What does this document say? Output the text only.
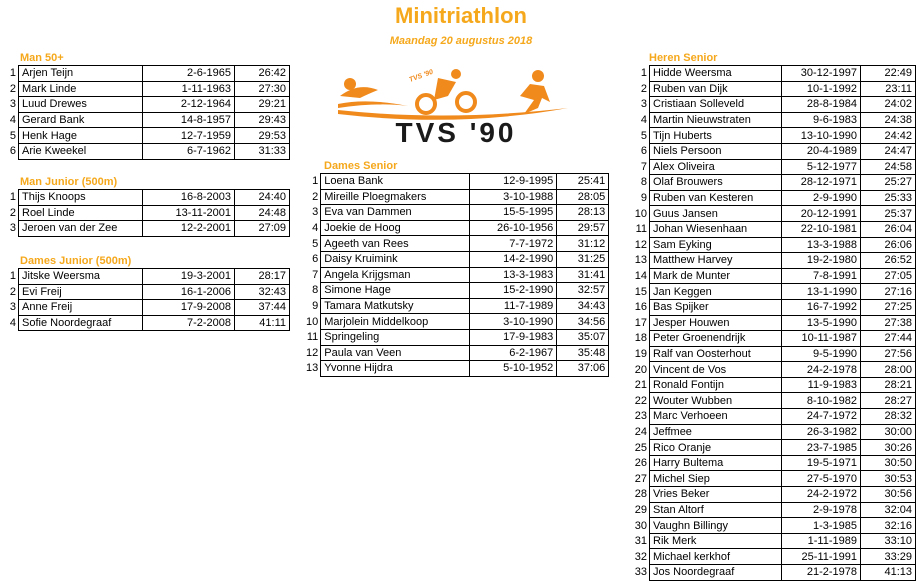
Minitriathlon
Maandag 20 augustus 2018
TVS '90
TVS '90
Man 50+
1	Arjen Teijn	2-6-1965	26:42
2	Mark Linde	1-11-1963	27:30
3	Luud Drewes	2-12-1964	29:21
4	Gerard Bank	14-8-1957	29:43
5	Henk Hage	12-7-1959	29:53
6	Arie Kweekel	6-7-1962	31:33
Man Junior (500m)
1	Thijs Knoops	16-8-2003	24:40
2	Roel Linde	13-11-2001	24:48
3	Jeroen van der Zee	12-2-2001	27:09
Dames Junior (500m)
1	Jitske Weersma	19-3-2001	28:17
2	Evi Freij	16-1-2006	32:43
3	Anne Freij	17-9-2008	37:44
4	Sofie Noordegraaf	7-2-2008	41:11
Dames Senior
1	Loena Bank	12-9-1995	25:41
2	Mireille Ploegmakers	3-10-1988	28:05
3	Eva van Dammen	15-5-1995	28:13
4	Joekie de Hoog	26-10-1956	29:57
5	Ageeth van Rees	7-7-1972	31:12
6	Daisy Kruimink	14-2-1990	31:25
7	Angela Krijgsman	13-3-1983	31:41
8	Simone Hage	15-2-1990	32:57
9	Tamara Matkutsky	11-7-1989	34:43
10	Marjolein Middelkoop	3-10-1990	34:56
11	Springeling	17-9-1983	35:07
12	Paula van Veen	6-2-1967	35:48
13	Yvonne Hijdra	5-10-1952	37:06
Heren Senior
1	Hidde Weersma	30-12-1997	22:49
2	Ruben van Dijk	10-1-1992	23:11
3	Cristiaan Solleveld	28-8-1984	24:02
4	Martin Nieuwstraten	9-6-1983	24:38
5	Tijn Huberts	13-10-1990	24:42
6	Niels Persoon	20-4-1989	24:47
7	Alex Oliveira	5-12-1977	24:58
8	Olaf Brouwers	28-12-1971	25:27
9	Ruben van Kesteren	2-9-1990	25:33
10	Guus Jansen	20-12-1991	25:37
11	Johan Wiesenhaan	22-10-1981	26:04
12	Sam Eyking	13-3-1988	26:06
13	Matthew Harvey	19-2-1980	26:52
14	Mark de Munter	7-8-1991	27:05
15	Jan Keggen	13-1-1990	27:16
16	Bas Spijker	16-7-1992	27:25
17	Jesper Houwen	13-5-1990	27:38
18	Peter Groenendrijk	10-11-1987	27:44
19	Ralf van Oosterhout	9-5-1990	27:56
20	Vincent de Vos	24-2-1978	28:00
21	Ronald Fontijn	11-9-1983	28:21
22	Wouter Wubben	8-10-1982	28:27
23	Marc Verhoeen	24-7-1972	28:32
24	Jeffmee	26-3-1982	30:00
25	Rico Oranje	23-7-1985	30:26
26	Harry Bultema	19-5-1971	30:50
27	Michel Siep	27-5-1970	30:53
28	Vries Beker	24-2-1972	30:56
29	Stan Altorf	2-9-1978	32:04
30	Vaughn Billingy	1-3-1985	32:16
31	Rik Merk	1-11-1989	33:10
32	Michael kerkhof	25-11-1991	33:29
33	Jos Noordegraaf	21-2-1978	41:13
